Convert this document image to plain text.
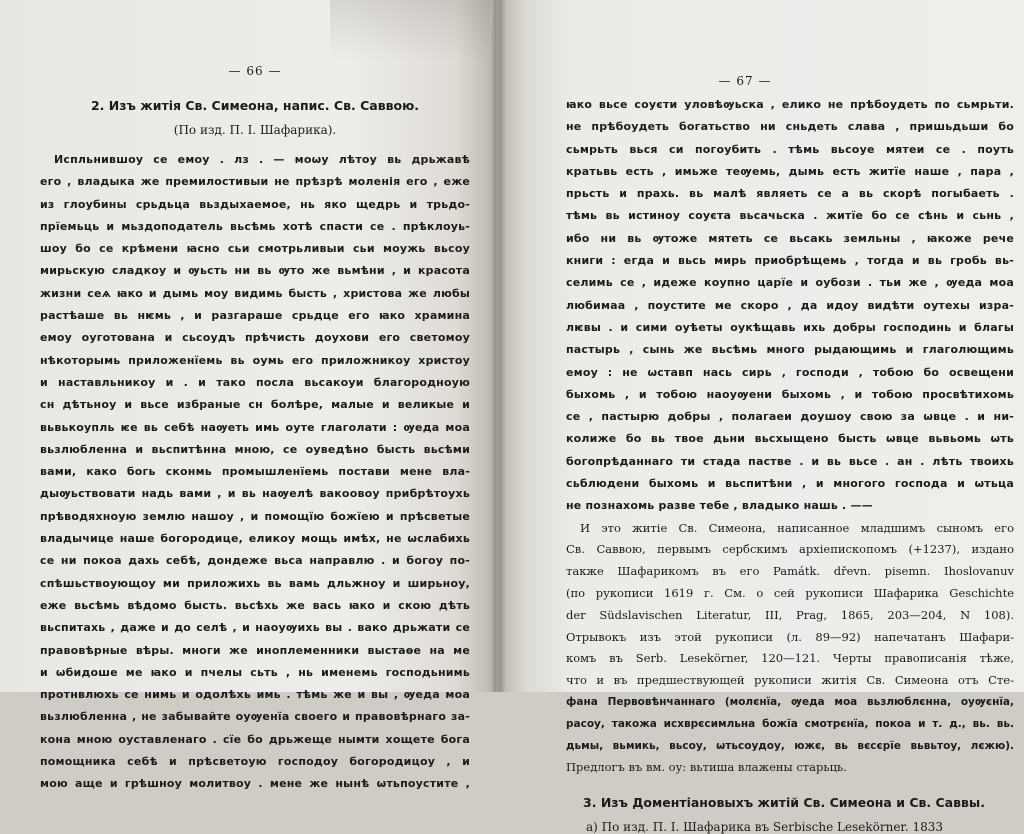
— 66 —
2. Изъ житія Св. Симеона, напис. Св. Саввою.
(По изд. П. І. Шафарика).
Испльнившоу се емоу . лз . — моѡу лѣтоу вь дрьжавѣ
его , владыка же премилостивыи не прѣзрѣ моленія его , еже
из глоубины срьдьца вьздыхаемое, нь яко щедрь и трьдо-
прїемьць и мьздоподатель вьсѣмь хотѣ спасти се . прѣклоуь-
шоу бо се крѣмени ꙗсно сьи смотрьливыи сьи моужь вьсоу
мирьскую сладкоу и ѹьсть ни вь ѹто же вьмѣни , и красота
жизни сеѧ ꙗко и дымь моу видимь бысть , христова же любы
растѣаше вь нѥмь , и разгараше срьдце его ꙗко храмина
емоу оуготована и сьсоудъ прѣчисть доухови его светомоу
нѣкоторымь приложенїемь вь оумь его приложникоу христоу
и наставльникоу и . и тако посла вьсакоуи благородноую
сн дѣтьноу и вьсе избраные сн болѣре, малые и великые и
вьвькоупль ѥе вь себѣ наѹеть имь оуте глаголати : ѹеда моа
вьзлюбленна и вьспитѣнна мною, се оуведѣно бысть вьсѣми
вами, како богь сконмь промышленїемь постави мене вла-
дыѹьствовати надь вами , и вь наѹелѣ вакоовоу прибрѣтоухь
прѣводяхноую землю нашоу , и помощїю божїею и прѣсветые
владычице наше богородице, еликоу мощь имѣх, не ѡслабихь
се ни покоа дахь себѣ, дондеже вьса направлю . и богоу по-
спѣшьствоующоу ми приложихь вь вамь дльжноу и ширьноу,
еже вьсѣмь вѣдомо бысть. вьсѣхь же вась ꙗко и скою дѣть
вьспитахь , даже и до селѣ , и наоуѹихь вы . вако дрьжати се
правовѣрные вѣры. многи же иноплеменники выстаѳе на ме
и ѡбидоше ме ꙗко и пчелы сьть , нь именемь господьнимь
протнвлюхь се нимь и одолѣхь имь . тѣмь же и вы , ѹеда моа
вьзлюбленна , не забывайте оуѹенїа своего и правовѣрнаго за-
кона мною оуставленаго . сїе бо дрьжеще нымти хощете бога
помощника себѣ и прѣсветоую господоу богородицоу , и
мою аще и грѣшноу молитвоу . мене же нынѣ ѡтьпоустите ,
— 67 —
ꙗко вьсе соуєти уловѣѹьска , елико не прѣбоудеть по сьмрьти.
не прѣбоудеть богатьство ни сньдеть слава , пришьдьши бо
сьмрьть вься си погоубить . тѣмь вьсоуе мятеи се . поуть
кратьвь есть , имьже теѹемь, дымь есть житїе наше , пара ,
прьсть и прахь. вь малѣ являеть се а вь скорѣ погыбаеть .
тѣмь вь истиноу соуєта вьсачьска . житїе бо се сѣнь и сьнь ,
ибо ни вь ѹтоже мятеть се вьсакь земльны , ꙗкоже рече
книги : егда и вьсь мирь приобрѣщемь , тогда и вь гробь вь-
селимь се , идеже коупно царїе и оубози . тьи же , ѹеда моа
любимаа , поустите ме скоро , да идоу видѣти оутехы изра-
лѥвы . и сими оуѣеты оукѣщавь ихь добры господинь и благы
пастырь , сынь же вьсѣмь много рыдающимь и глаголющимь
емоу : не ѡставп нась сирь , господи , тобою бо освещени
быхомь , и тобою наоуѹени быхомь , и тобою просвѣтихомь
се , пастырю добры , полагаеи доушоу свою за ѡвце . и ни-
колиже бо вь твое дьни вьсхыщено бысть ѡвце вьвьомь ѡть
богопрѣданнаго ти стада пастве . и вь вьсе . ан . лѣть твоихь
сьблюдени быхомь и вьспитѣни , и многого господа и ѡтьца
не познахомь разве тебе , владыко нашь . ——
И это житіе Св. Симеона, написанное младшимъ сыномъ его
Св. Саввою, первымъ сербскимъ архіепископомъ (+1237), издано
также Шафарикомъ въ его Památk. dřevn. pisemn. Ihoslovanuv
(по рукописи 1619 г. См. о сей рукописи Шафарика Geschichte
der Südslavischen Literatur, III, Prag, 1865, 203—204, N 108).
Отрывокъ изъ этой рукописи (л. 89—92) напечатанъ Шафари-
комъ въ Serb. Lesekörner, 120—121. Черты правописанія тѣже,
что и въ предшествующей рукописи житія Св. Симеона отъ Сте-
фана Первовѣнчаннаго (молєнїа, ѹеда моа вьзлюблєнна, оуѹєнїа,
расоу, такожа исхврєсимльна божїа смотрєнїа, покоа и т. д., вь. вь.
дьмы, вьмикь, вьсоу, ѡтьсоудоу, южє, вь вєсєрїе вьвьтоу, лєжю).
Предлогъ въ вм. оу: вьтиша влажены старьць.
3. Изъ Доментіановыхъ житій Св. Симеона и Св. Саввы.
а) По изд. П. І. Шафарика въ Serbische Lesekörner. 1833
